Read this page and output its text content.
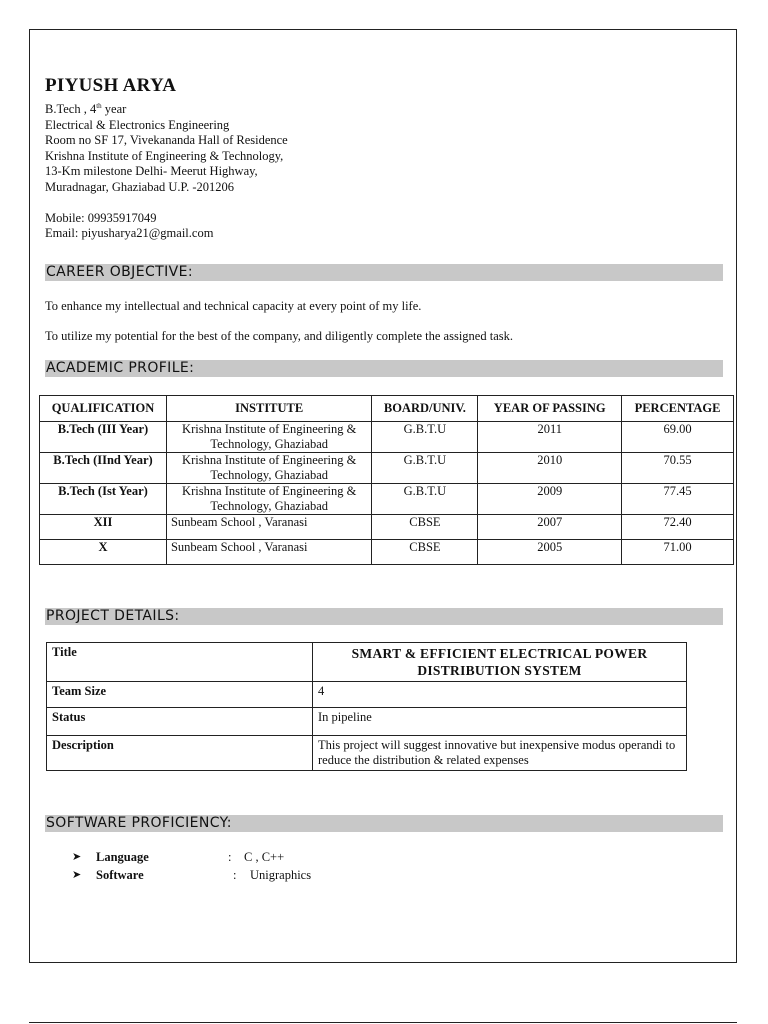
PIYUSH ARYA
B.Tech , 4th year
Electrical & Electronics Engineering
Room no SF 17, Vivekananda Hall of Residence
Krishna Institute of Engineering & Technology,
13-Km milestone Delhi- Meerut Highway,
Muradnagar, Ghaziabad U.P. -201206
Mobile: 09935917049
Email: piyusharya21@gmail.com
CAREER OBJECTIVE:
To enhance my intellectual and technical capacity at every point of my life.
To utilize my potential for the best of the company, and diligently complete the assigned task.
ACADEMIC PROFILE:
QUALIFICATION	INSTITUTE	BOARD/UNIV.	YEAR OF PASSING	PERCENTAGE
B.Tech (III Year)	Krishna Institute of Engineering & Technology, Ghaziabad	G.B.T.U	2011	69.00
B.Tech (IInd Year)	Krishna Institute of Engineering & Technology, Ghaziabad	G.B.T.U	2010	70.55
B.Tech (Ist Year)	Krishna Institute of Engineering & Technology, Ghaziabad	G.B.T.U	2009	77.45
XII	Sunbeam School , Varanasi	CBSE	2007	72.40
X	Sunbeam School , Varanasi	CBSE	2005	71.00
PROJECT DETAILS:
Title	SMART & EFFICIENT ELECTRICAL POWER DISTRIBUTION SYSTEM
Team Size	4
Status	In pipeline
Description	This project will suggest innovative but inexpensive modus operandi to reduce the distribution & related expenses
SOFTWARE PROFICIENCY:
➤ Language	: C , C++
➤ Software	: Unigraphics
